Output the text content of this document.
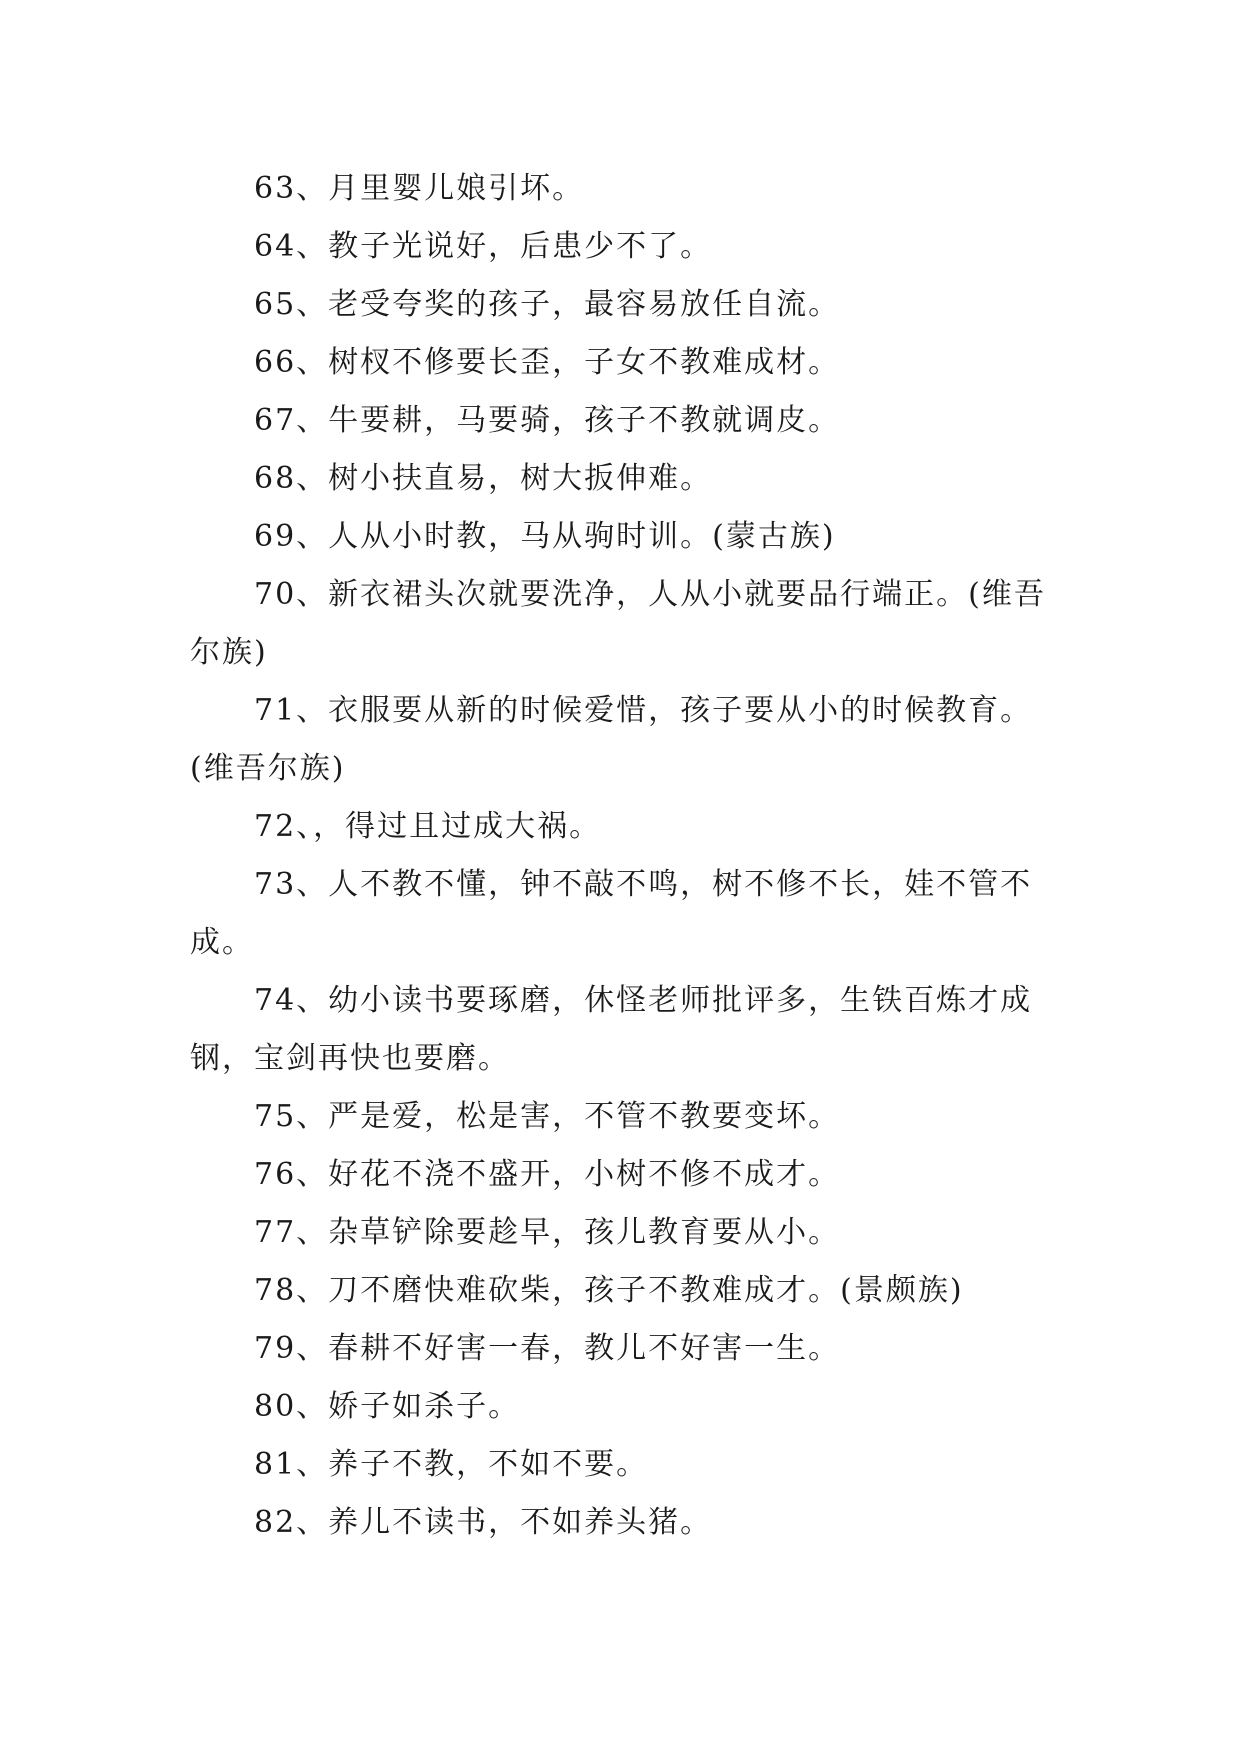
63、月里婴儿娘引坏。

64、教子光说好，后患少不了。

65、老受夸奖的孩子，最容易放任自流。

66、树杈不修要长歪，子女不教难成材。

67、牛要耕，马要骑，孩子不教就调皮。

68、树小扶直易，树大扳伸难。

69、人从小时教，马从驹时训。(蒙古族)

70、新衣裙头次就要洗净，人从小就要品行端正。(维吾尔族)

71、衣服要从新的时候爱惜，孩子要从小的时候教育。(维吾尔族)

72、，得过且过成大祸。

73、人不教不懂，钟不敲不鸣，树不修不长，娃不管不成。

74、幼小读书要琢磨，休怪老师批评多，生铁百炼才成钢，宝剑再快也要磨。

75、严是爱，松是害，不管不教要变坏。

76、好花不浇不盛开，小树不修不成才。

77、杂草铲除要趁早，孩儿教育要从小。

78、刀不磨快难砍柴，孩子不教难成才。(景颇族)

79、春耕不好害一春，教儿不好害一生。

80、娇子如杀子。

81、养子不教，不如不要。

82、养儿不读书，不如养头猪。
